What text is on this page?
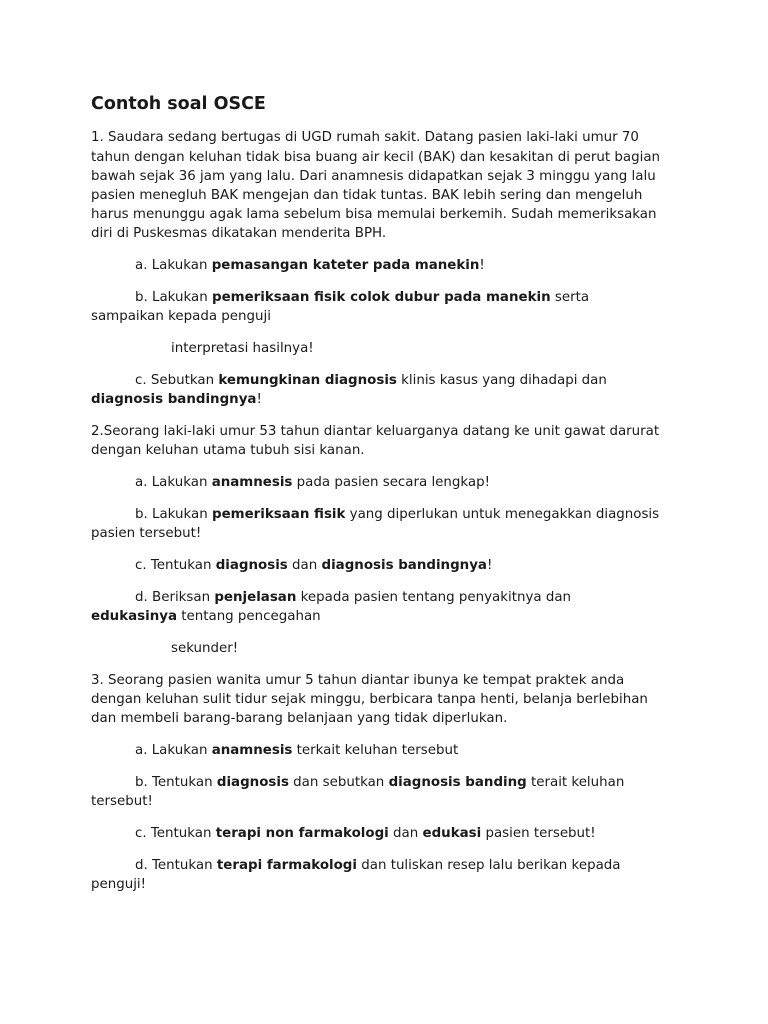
Contoh soal OSCE

1. Saudara sedang bertugas di UGD rumah sakit. Datang pasien laki-laki umur 70

tahun dengan keluhan tidak bisa buang air kecil (BAK) dan kesakitan di perut bagian

bawah sejak 36 jam yang lalu. Dari anamnesis didapatkan sejak 3 minggu yang lalu

pasien menegluh BAK mengejan dan tidak tuntas. BAK lebih sering dan mengeluh

harus menunggu agak lama sebelum bisa memulai berkemih. Sudah memeriksakan

diri di Puskesmas dikatakan menderita BPH.

a. Lakukan pemasangan kateter pada manekin!

b. Lakukan pemeriksaan fisik colok dubur pada manekin serta

sampaikan kepada penguji

interpretasi hasilnya!

c. Sebutkan kemungkinan diagnosis klinis kasus yang dihadapi dan

diagnosis bandingnya!

2.Seorang laki-laki umur 53 tahun diantar keluarganya datang ke unit gawat darurat

dengan keluhan utama tubuh sisi kanan.

a. Lakukan anamnesis pada pasien secara lengkap!

b. Lakukan pemeriksaan fisik yang diperlukan untuk menegakkan diagnosis

pasien tersebut!

c. Tentukan diagnosis dan diagnosis bandingnya!

d. Beriksan penjelasan kepada pasien tentang penyakitnya dan

edukasinya tentang pencegahan

sekunder!

3. Seorang pasien wanita umur 5 tahun diantar ibunya ke tempat praktek anda

dengan keluhan sulit tidur sejak minggu, berbicara tanpa henti, belanja berlebihan

dan membeli barang-barang belanjaan yang tidak diperlukan.

a. Lakukan anamnesis terkait keluhan tersebut

b. Tentukan diagnosis dan sebutkan diagnosis banding terait keluhan

tersebut!

c. Tentukan terapi non farmakologi dan edukasi pasien tersebut!

d. Tentukan terapi farmakologi dan tuliskan resep lalu berikan kepada

penguji!
